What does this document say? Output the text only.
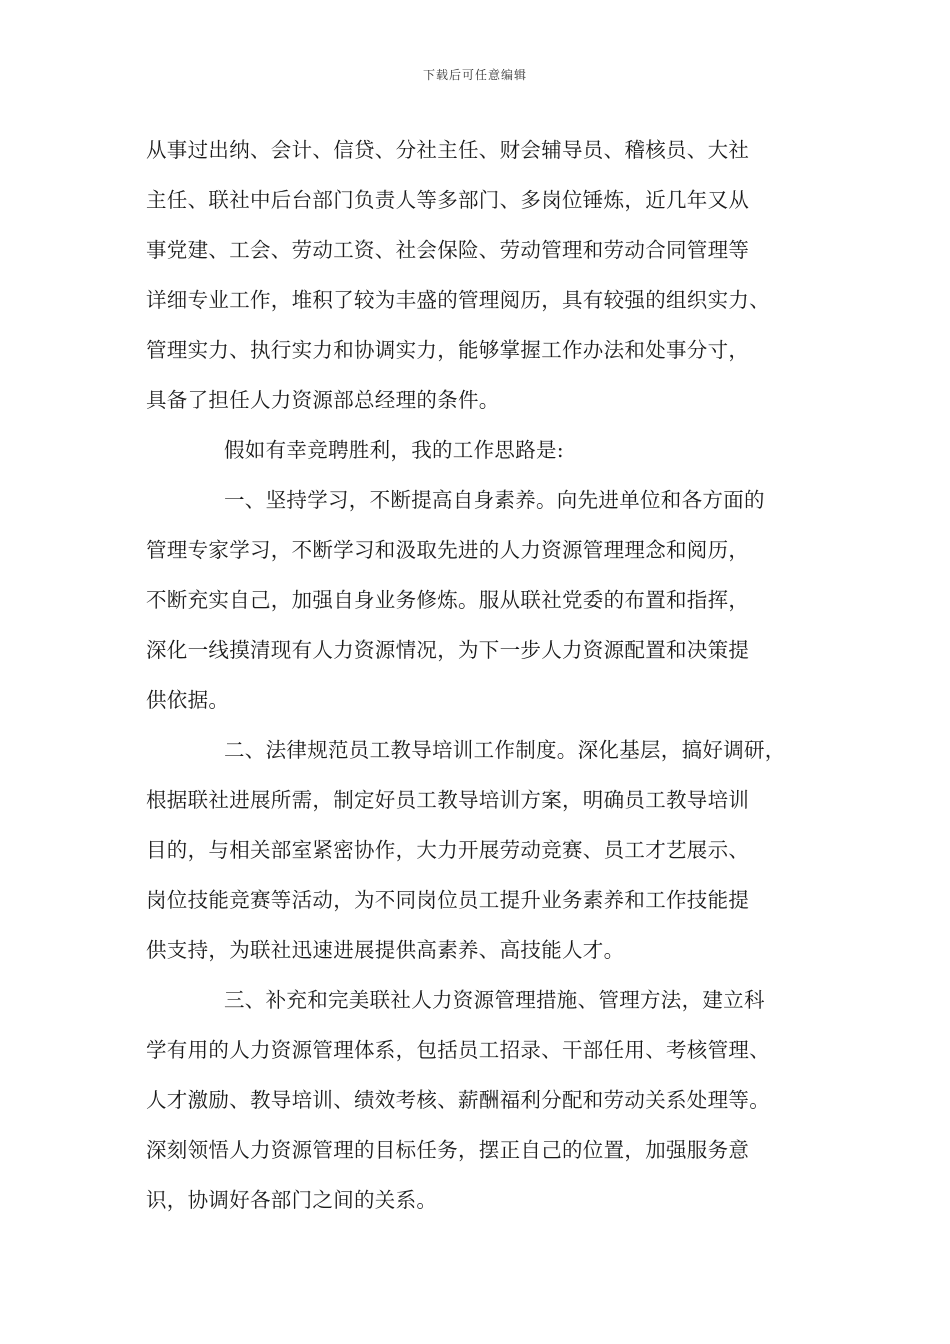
下载后可任意编辑
从事过出纳、会计、信贷、分社主任、财会辅导员、稽核员、大社
主任、联社中后台部门负责人等多部门、多岗位锤炼，近几年又从
事党建、工会、劳动工资、社会保险、劳动管理和劳动合同管理等
详细专业工作，堆积了较为丰盛的管理阅历，具有较强的组织实力、
管理实力、执行实力和协调实力，能够掌握工作办法和处事分寸，
具备了担任人力资源部总经理的条件。
假如有幸竞聘胜利，我的工作思路是:
一、坚持学习，不断提高自身素养。向先进单位和各方面的
管理专家学习，不断学习和汲取先进的人力资源管理理念和阅历，
不断充实自己，加强自身业务修炼。服从联社党委的布置和指挥，
深化一线摸清现有人力资源情况，为下一步人力资源配置和决策提
供依据。
二、法律规范员工教导培训工作制度。深化基层，搞好调研，
根据联社进展所需，制定好员工教导培训方案，明确员工教导培训
目的，与相关部室紧密协作，大力开展劳动竞赛、员工才艺展示、
岗位技能竞赛等活动，为不同岗位员工提升业务素养和工作技能提
供支持，为联社迅速进展提供高素养、高技能人才。
三、补充和完美联社人力资源管理措施、管理方法，建立科
学有用的人力资源管理体系，包括员工招录、干部任用、考核管理、
人才激励、教导培训、绩效考核、薪酬福利分配和劳动关系处理等。
深刻领悟人力资源管理的目标任务，摆正自己的位置，加强服务意
识，协调好各部门之间的关系。
